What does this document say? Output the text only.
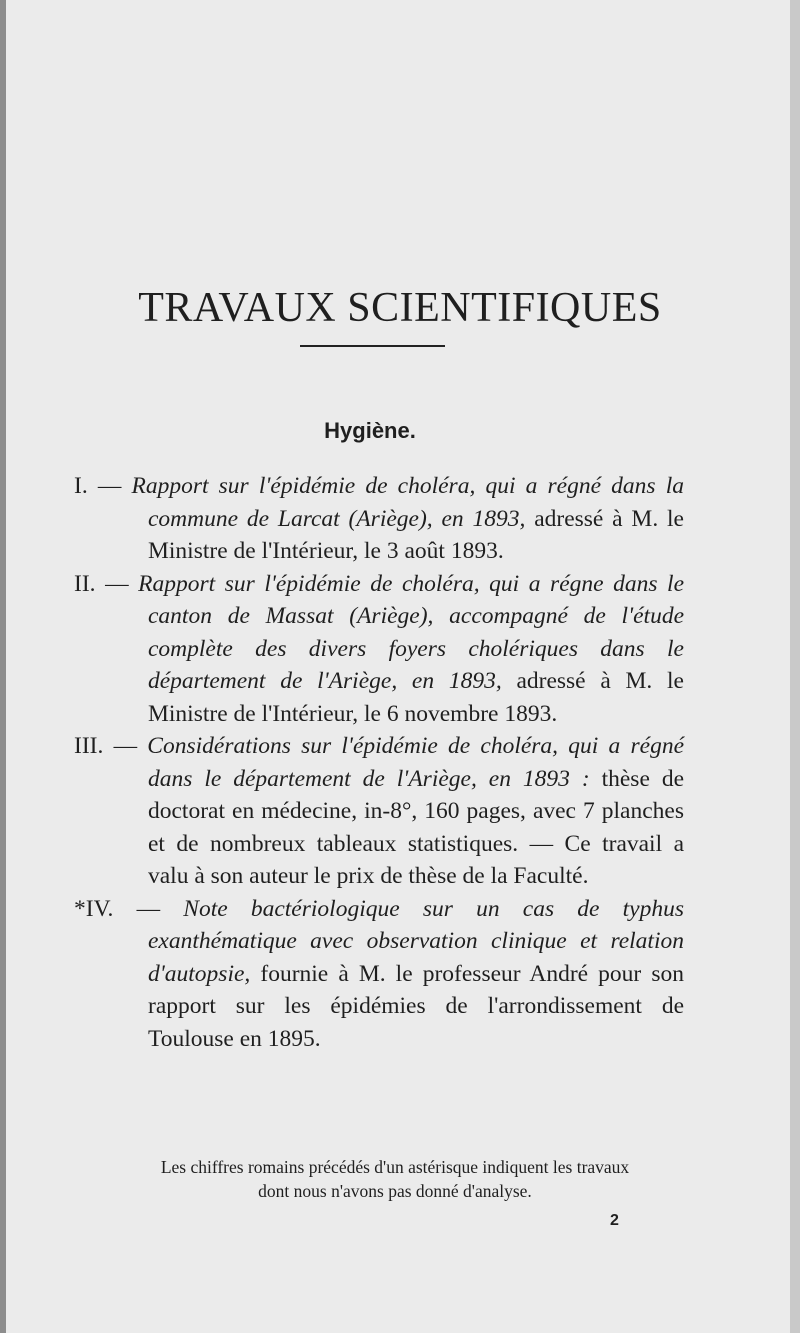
TRAVAUX SCIENTIFIQUES
Hygiène.

I. — Rapport sur l'épidémie de choléra, qui a régné dans la commune de Larcat (Ariège), en 1893, adressé à M. le Ministre de l'Intérieur, le 3 août 1893.

II. — Rapport sur l'épidémie de choléra, qui a régne dans le canton de Massat (Ariège), accompagné de l'étude complète des divers foyers cholériques dans le département de l'Ariège, en 1893, adressé à M. le Ministre de l'Intérieur, le 6 novembre 1893.

III. — Considérations sur l'épidémie de choléra, qui a régné dans le département de l'Ariège, en 1893 : thèse de doctorat en médecine, in-8°, 160 pages, avec 7 planches et de nombreux tableaux statistiques. — Ce travail a valu à son auteur le prix de thèse de la Faculté.

*IV. — Note bactériologique sur un cas de typhus exanthématique avec observation clinique et relation d'autopsie, fournie à M. le professeur André pour son rapport sur les épidémies de l'arrondissement de Toulouse en 1895.

Les chiffres romains précédés d'un astérisque indiquent les travaux
dont nous n'avons pas donné d'analyse.
2
